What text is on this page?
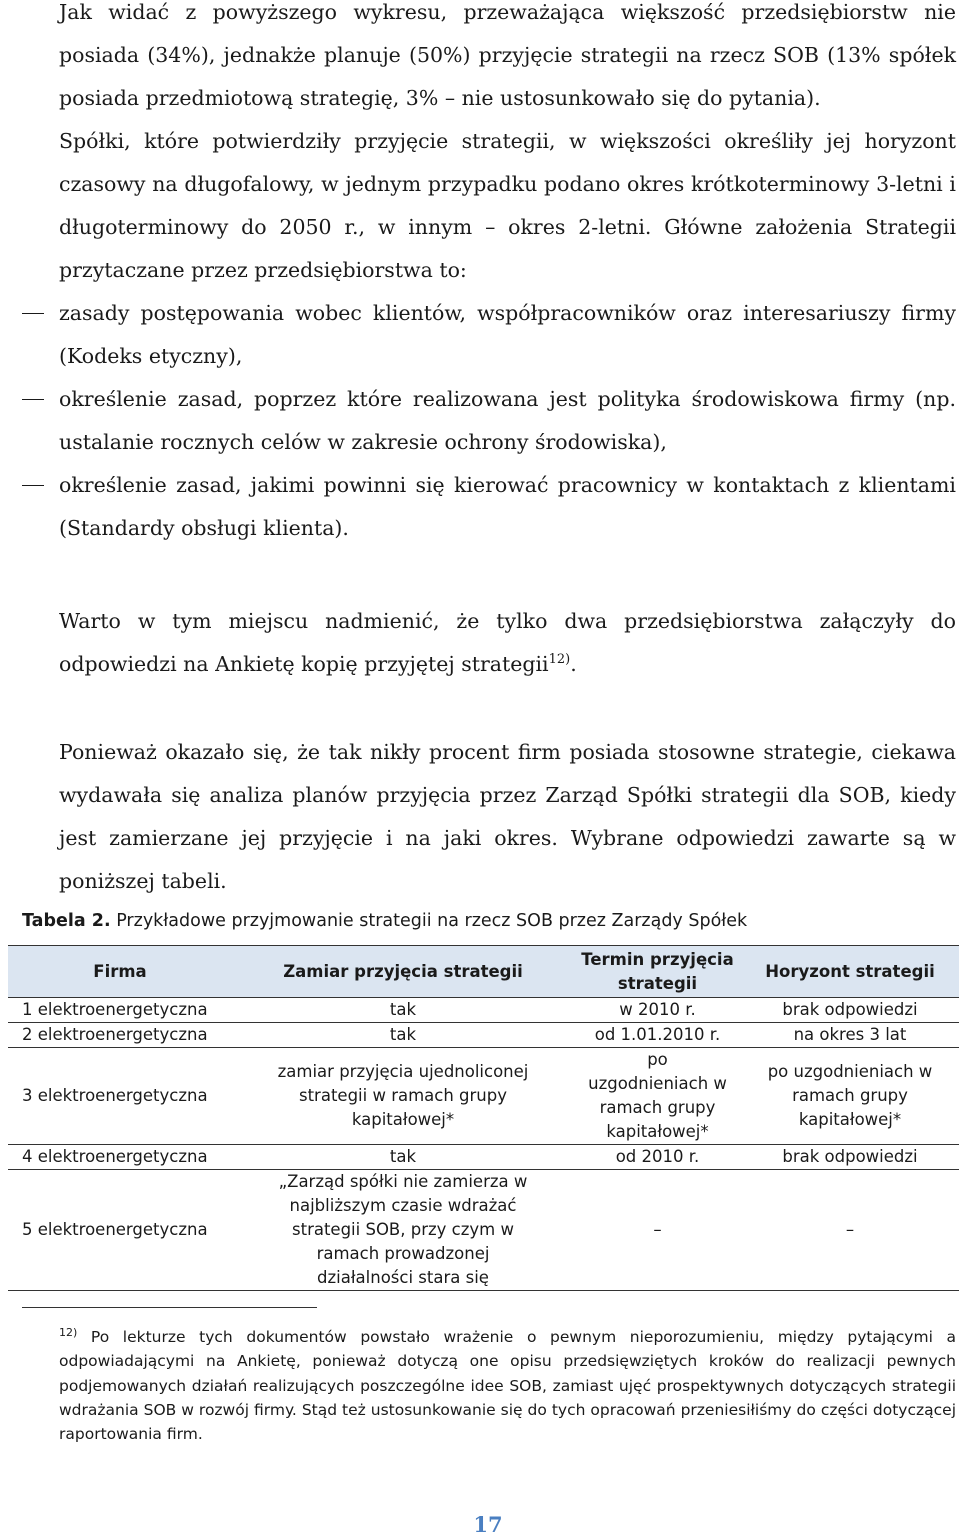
Jak widać z powyższego wykresu, przeważająca większość przedsiębiorstw nie posiada (34%), jednakże planuje (50%) przyjęcie strategii na rzecz SOB (13% spółek posiada przedmiotową strategię, 3% – nie ustosunkowało się do pytania).
Spółki, które potwierdziły przyjęcie strategii, w większości określiły jej horyzont czasowy na długofalowy, w jednym przypadku podano okres krótkoterminowy 3-letni i długoterminowy do 2050 r., w innym – okres 2-letni. Główne założenia Strategii przytaczane przez przedsiębiorstwa to:
zasady postępowania wobec klientów, współpracowników oraz interesariuszy firmy (Kodeks etyczny),
określenie zasad, poprzez które realizowana jest polityka środowiskowa firmy (np. ustalanie rocznych celów w zakresie ochrony środowiska),
określenie zasad, jakimi powinni się kierować pracownicy w kontaktach z klientami (Standardy obsługi klienta).
Warto w tym miejscu nadmienić, że tylko dwa przedsiębiorstwa załączyły do odpowiedzi na Ankietę kopię przyjętej strategii$^{12)}$.
Ponieważ okazało się, że tak nikły procent firm posiada stosowne strategie, ciekawa wydawała się analiza planów przyjęcia przez Zarząd Spółki strategii dla SOB, kiedy jest zamierzane jej przyjęcie i na jaki okres. Wybrane odpowiedzi zawarte są w poniższej tabeli.
Tabela 2. Przykładowe przyjmowanie strategii na rzecz SOB przez Zarządy Spółek
Firma	Zamiar przyjęcia strategii	Termin przyjęcia strategii	Horyzont strategii
1 elektroenergetyczna	tak	w 2010 r.	brak odpowiedzi
2 elektroenergetyczna	tak	od 1.01.2010 r.	na okres 3 lat
3 elektroenergetyczna	zamiar przyjęcia ujednoliconej strategii w ramach grupy kapitałowej*	po uzgodnieniach w ramach grupy kapitałowej*	po uzgodnieniach w ramach grupy kapitałowej*
4 elektroenergetyczna	tak	od 2010 r.	brak odpowiedzi
5 elektroenergetyczna	„Zarząd spółki nie zamierza w najbliższym czasie wdrażać strategii SOB, przy czym w ramach prowadzonej działalności stara się	–	–
$^{12)}$ Po lekturze tych dokumentów powstało wrażenie o pewnym nieporozumieniu, między pytającymi a odpowiadającymi na Ankietę, ponieważ dotyczą one opisu przedsięwziętych kroków do realizacji pewnych podjemowanych działań realizujących poszczególne idee SOB, zamiast ujęć prospektywnych dotyczących strategii wdrażania SOB w rozwój firmy. Stąd też ustosunkowanie się do tych opracowań przeniesiłiśmy do części dotyczącej raportowania firm.
17
